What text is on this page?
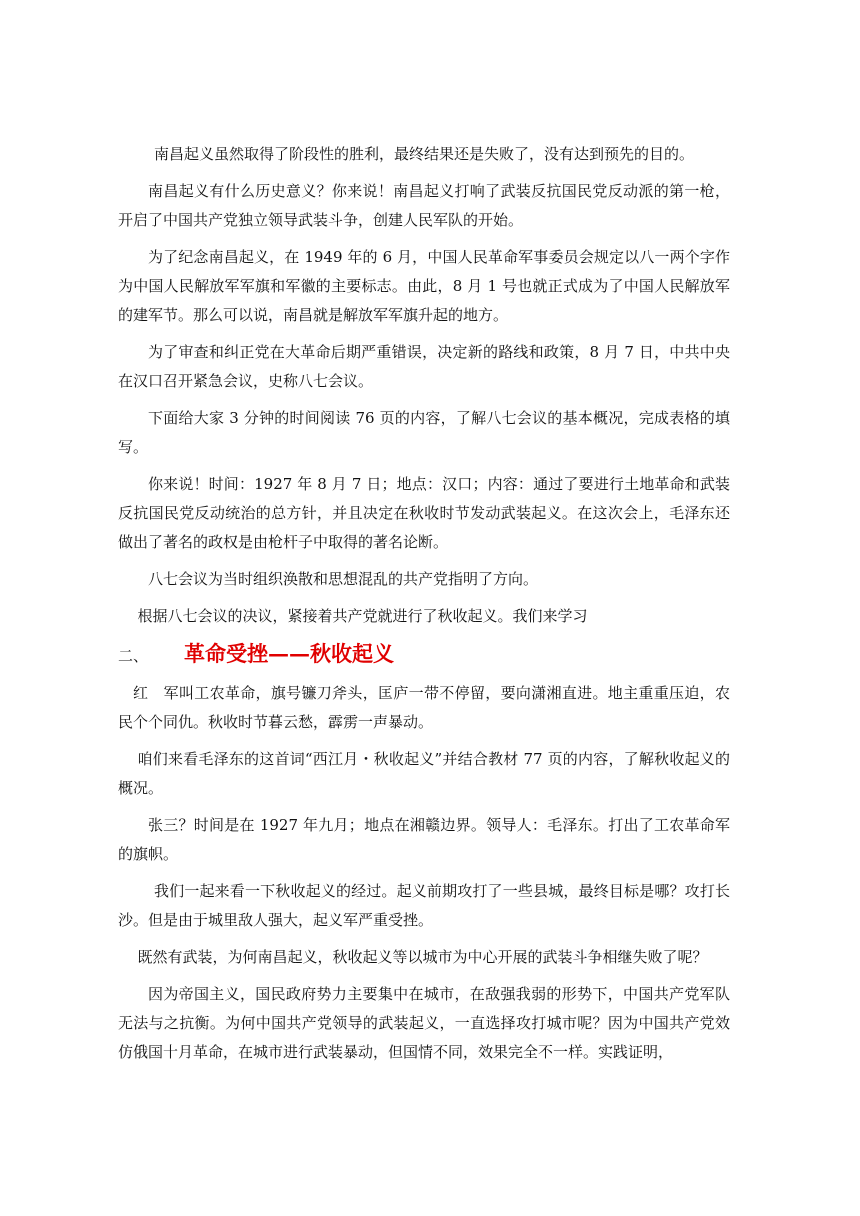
南昌起义虽然取得了阶段性的胜利，最终结果还是失败了，没有达到预先的目的。

南昌起义有什么历史意义？你来说！南昌起义打响了武装反抗国民党反动派的第一枪，开启了中国共产党独立领导武装斗争，创建人民军队的开始。

为了纪念南昌起义，在 1949 年的 6 月，中国人民革命军事委员会规定以八一两个字作为中国人民解放军军旗和军徽的主要标志。由此，8 月 1 号也就正式成为了中国人民解放军的建军节。那么可以说，南昌就是解放军军旗升起的地方。

为了审查和纠正党在大革命后期严重错误，决定新的路线和政策，8 月 7 日，中共中央在汉口召开紧急会议，史称八七会议。

下面给大家 3 分钟的时间阅读 76 页的内容，了解八七会议的基本概况，完成表格的填写。

你来说！时间：1927 年 8 月 7 日；地点：汉口；内容：通过了要进行土地革命和武装反抗国民党反动统治的总方针，并且决定在秋收时节发动武装起义。在这次会上，毛泽东还做出了著名的政权是由枪杆子中取得的著名论断。

八七会议为当时组织涣散和思想混乱的共产党指明了方向。

根据八七会议的决议，紧接着共产党就进行了秋收起义。我们来学习

二、	革命受挫——秋收起义

红　军叫工农革命，旗号镰刀斧头，匡庐一带不停留，要向潇湘直进。地主重重压迫，农民个个同仇。秋收时节暮云愁，霹雳一声暴动。

咱们来看毛泽东的这首词“西江月・秋收起义”并结合教材 77 页的内容，了解秋收起义的概况。

张三？时间是在 1927 年九月；地点在湘赣边界。领导人：毛泽东。打出了工农革命军的旗帜。

我们一起来看一下秋收起义的经过。起义前期攻打了一些县城，最终目标是哪？攻打长沙。但是由于城里敌人强大，起义军严重受挫。

既然有武装，为何南昌起义，秋收起义等以城市为中心开展的武装斗争相继失败了呢？

因为帝国主义，国民政府势力主要集中在城市，在敌强我弱的形势下，中国共产党军队无法与之抗衡。为何中国共产党领导的武装起义，一直选择攻打城市呢？因为中国共产党效仿俄国十月革命，在城市进行武装暴动，但国情不同，效果完全不一样。实践证明，
